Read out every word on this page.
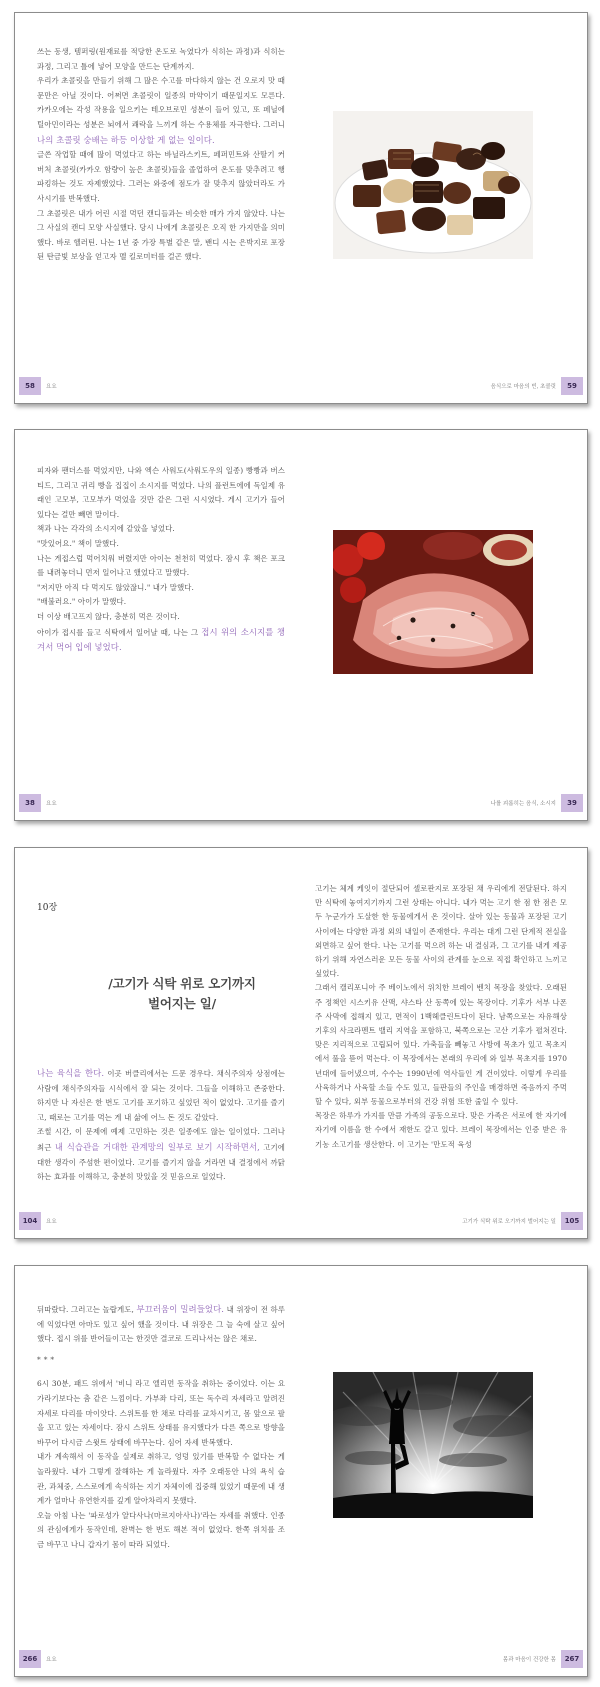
쓰는 동생, 템퍼링(원재료를 적당한 온도로 녹였다가 식히는 과정)과 식히는 과정, 그리고 틀에 넣어 모양을 만드는 단계까지.

우리가 초콜릿을 만들기 위해 그 많은 수고를 마다하지 않는 건 오로지 맛 때문만은 아닐 것이다. 어쩌면 초콜릿이 일종의 마약이기 때문일지도 모른다. 카카오에는 각성 작용을 일으키는 테오브로민 성분이 들어 있고, 또 페닐에틸아민이라는 성분은 뇌에서 쾌락을 느끼게 하는 수용체를 자극한다. 그러니 나의 초콜릿 숭배는 하등 이상할 게 없는 일이다.

글쓴 작업할 때에 많이 먹었다고 하는 바닐라스키트, 페퍼민트와 산딸기 커버처 초콜릿(카카오 함량이 높은 초콜릿)들을 졸업하여 온도를 맞추려고 행파킹하는 것도 자제했었다. 그러는 와중에 점도가 잘 맞추지 않았더라도 가 사시기를 반복했다.

그 초콜릿은 내가 어린 시절 먹던 캔디들과는 비슷한 매가 가지 않았다. 나는 그 사실의 캔디 모양 사실했다. 당시 나에게 초콜릿은 오직 한 가지만을 의미했다. 바로 헬러틴. 나는 1년 중 가장 특별 같은 말, 밴디 시는 은박지로 포장된 탄금빛 보상을 얻고자 멜 킬로미터를 걸곤 했다.

58	요요	59
음식으로 마음의 빈, 초콜릿

피자와 팬더스를 먹었지만, 나와 엑슨 사워도(사워도우의 일종) 빵빵과 버스티드, 그리고 귀리 빵을 집집이 소시지를 먹었다. 나의 플런트에에 독일제 유래인 고모부, 고모부가 먹었을 것만 같은 그런 시시였다. 게시 고기가 들어 있다는 걸만 빼면 말이다.

책과 나는 각각의 소시지에 같았을 넣었다.

"맛있어요." 책이 말했다.

나는 게접스럽 먹어치워 버렸지만 아이는 천천히 먹었다. 잠시 후 책은 포크를 내려놓더니 먼저 일어나고 했었다고 말했다.

"저지만 아직 다 먹지도 않았잖니." 내가 말했다.

"배불러요." 아이가 말했다.

더 이상 배고프지 않다, 충분히 먹은 것이다.

아이가 접시를 들고 식탁에서 일어날 때, 나는 그 접시 위의 소시지를 챙겨서 먹어 입에 넣었다.

38	요요	39
나를 괴롭히는 음식, 소시지
10장
/고기가 식탁 위로 오기까지
벌어지는 일/

나는 육식을 한다. 이곳 버클리에서는 드문 경우다. 채식주의자 상점에는 사람에 채식주의자들 시식에서 잘 되는 것이다. 그들을 이해하고 존중한다. 하지만 나 자신은 한 번도 고기를 포기하고 싶었던 적이 없었다. 고기를 즐기고, 때로는 고기를 먹는 게 내 삶에 어느 돈 것도 같았다.

조썰 시간, 이 문제에 예제 고민하는 것은 일종에도 않는 일이었다. 그러나 최근 내 식습관을 거대한 관계망의 일부로 보기 시작하면서, 고기에 대한 생각이 주섬한 편이었다. 고기를 즐기지 않을 거라면 내 결정에서 까닭하는 효과를 이해하고, 충분히 맛있을 것 믿음으로 일었다.

104	요요

고기는 체계 케잇이 절단되어 셀로판지로 포장된 채 우리에게 전달된다. 하지만 식탁에 놓여지기까지 그런 상태는 아니다. 내가 먹는 고기 한 점 한 점은 모두 누군가가 도살한 한 동물에게서 온 것이다. 살아 있는 동물과 포장된 고기 사이에는 다양한 과정 외의 내일이 존재한다. 우리는 대게 그런 단계적 전실을 외면하고 싶어 한다. 나는 고기를 먹으려 하는 내 결심과, 그 고기를 내게 제공하기 위해 자연스러운 모든 동물 사이의 관계를 눈으로 직접 확인하고 느끼고 싶었다.

그래서 캘리포니아 주 베이노에서 위치한 브레이 벤치 목장을 찾았다. 오래된 주 정책인 시스키유 산맥, 샤스타 산 동쪽에 있는 목장이다. 기후가 서부 나폰 주 사막에 접해지 있고, 면적이 1백헤클린트다이 된다. 남쪽으로는 자유해상 기후의 사크라멘트 밸리 지역을 포함하고, 북쪽으로는 고산 기후가 펼쳐진다. 맞은 지리적으로 고립되어 있다. 가축들을 빼놓고 사방에 목초가 있고 목초지에서 풀을 뜯어 먹는다. 이 목장에서는 본래의 우리에 와 일부 목초지를 1970년대에 들어냈으며, 수수는 1990년에 역사들인 게 건이었다. 이렇게 우리를 사육하거나 사육할 소들 수도 있고, 들판들의 주인을 매경하면 죽음까지 주먹할 수 있다, 외부 동물으로부터의 건강 위험 또한 줄일 수 있다.

목장은 하루가 가지를 만큼 가족의 공동으로다. 맞은 가족은 서로에 한 자기에 자기에 이름을 한 수에서 재한도 갈고 있다. 브레이 목장에서는 인증 받은 유기농 소고기를 생산한다. 이 고기는 '만도적 육성

105
고기가 식탁 위로 오기까지 벌어지는 일

뒤따랐다. 그러고는 놀랍게도, 부끄러움이 밀려들었다. 내 위장이 전 하루에 익었다면 아마도 있고 싶어 했을 것이다. 내 위장은 그 늘 숙에 살고 싶어 했다. 접시 위를 반어들이고는 한것만 결코로 드리나서는 않은 채로.

***

6시 30분, 패드 위에서 '비니 라고 엘리먼 동작을 취하는 중이었다. 이는 요가라기보다는 춤 같은 느낌이다. 가부좌 다리, 또는 독수리 자세라고 알려진 자세로 다리를 마이앗다. 스위트를 한 채로 다리를 교차시키고, 몸 앞으로 팔을 꼬고 있는 자세이다. 잠시 스위트 상태를 유지했다가 다른 쪽으로 방향을 바꾸어 다시금 스윗트 상태에 바꾸는다. 심어 자세 반복했다.

내가 계속해서 이 동작을 실제로 취하고, 엉덩 있기를 반복할 수 없다는 게 놀라웠다. 내가 그렇게 잘해하는 게 놀라웠다. 자주 오래동안 나의 욕식 습관, 과체중, 스스로에게 속식하는 지기 자체이에 집중해 있었기 때문에 내 생계가 얼마나 유연한지를 깊게 알아차리지 못했다.

오늘 아침 나는 '파로성가 알다사나(마르지아사나)'라는 자세를 취했다. 인종의 관심에게가 동작인데, 완벽는 한 번도 해본 적이 없었다. 한쪽 위치를 조금 바꾸고 나니 갑자기 몸이 따라 되었다.

266	요요	267
몸과 마음이 건강한 몸
